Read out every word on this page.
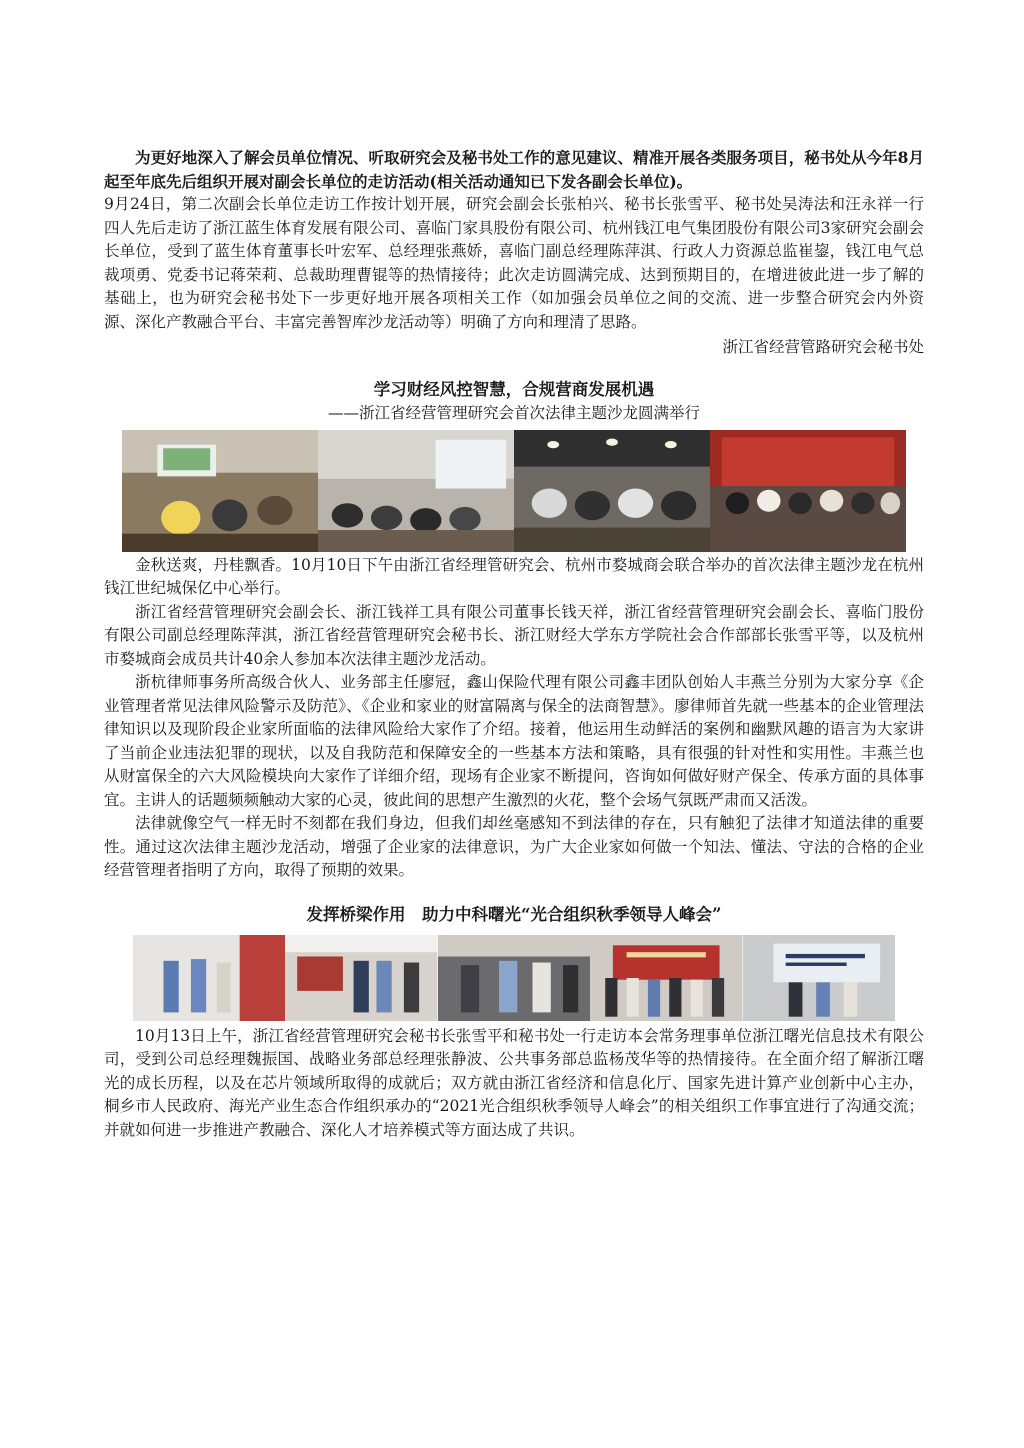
为更好地深入了解会员单位情况、听取研究会及秘书处工作的意见建议、精准开展各类服务项目，秘书处从今年8月起至年底先后组织开展对副会长单位的走访活动(相关活动通知已下发各副会长单位)。

9月24日，第二次副会长单位走访工作按计划开展，研究会副会长张柏兴、秘书长张雪平、秘书处吴涛法和汪永祥一行四人先后走访了浙江蓝生体育发展有限公司、喜临门家具股份有限公司、杭州钱江电气集团股份有限公司3家研究会副会长单位，受到了蓝生体育董事长叶宏军、总经理张燕娇，喜临门副总经理陈萍淇、行政人力资源总监崔鋆，钱江电气总裁项勇、党委书记蒋荣莉、总裁助理曹锟等的热情接待；此次走访圆满完成、达到预期目的，在增进彼此进一步了解的基础上，也为研究会秘书处下一步更好地开展各项相关工作（如加强会员单位之间的交流、进一步整合研究会内外资源、深化产教融合平台、丰富完善智库沙龙活动等）明确了方向和理清了思路。

浙江省经营管路研究会秘书处

学习财经风控智慧，合规营商发展机遇
——浙江省经营管理研究会首次法律主题沙龙圆满举行

金秋送爽，丹桂飘香。10月10日下午由浙江省经理管研究会、杭州市婺城商会联合举办的首次法律主题沙龙在杭州钱江世纪城保亿中心举行。

浙江省经营管理研究会副会长、浙江钱祥工具有限公司董事长钱天祥，浙江省经营管理研究会副会长、喜临门股份有限公司副总经理陈萍淇，浙江省经营管理研究会秘书长、浙江财经大学东方学院社会合作部部长张雪平等，以及杭州市婺城商会成员共计40余人参加本次法律主题沙龙活动。

浙杭律师事务所高级合伙人、业务部主任廖冠，鑫山保险代理有限公司鑫丰团队创始人丰燕兰分别为大家分享《企业管理者常见法律风险警示及防范》、《企业和家业的财富隔离与保全的法商智慧》。廖律师首先就一些基本的企业管理法律知识以及现阶段企业家所面临的法律风险给大家作了介绍。接着，他运用生动鲜活的案例和幽默风趣的语言为大家讲了当前企业违法犯罪的现状，以及自我防范和保障安全的一些基本方法和策略，具有很强的针对性和实用性。丰燕兰也从财富保全的六大风险模块向大家作了详细介绍，现场有企业家不断提问，咨询如何做好财产保全、传承方面的具体事宜。主讲人的话题频频触动大家的心灵，彼此间的思想产生激烈的火花，整个会场气氛既严肃而又活泼。

法律就像空气一样无时不刻都在我们身边，但我们却丝毫感知不到法律的存在，只有触犯了法律才知道法律的重要性。通过这次法律主题沙龙活动，增强了企业家的法律意识，为广大企业家如何做一个知法、懂法、守法的合格的企业经营管理者指明了方向，取得了预期的效果。

发挥桥梁作用　助力中科曙光“光合组织秋季领导人峰会”

10月13日上午，浙江省经营管理研究会秘书长张雪平和秘书处一行走访本会常务理事单位浙江曙光信息技术有限公司，受到公司总经理魏振国、战略业务部总经理张静波、公共事务部总监杨茂华等的热情接待。在全面介绍了解浙江曙光的成长历程，以及在芯片领域所取得的成就后；双方就由浙江省经济和信息化厅、国家先进计算产业创新中心主办，桐乡市人民政府、海光产业生态合作组织承办的“2021光合组织秋季领导人峰会”的相关组织工作事宜进行了沟通交流；并就如何进一步推进产教融合、深化人才培养模式等方面达成了共识。
